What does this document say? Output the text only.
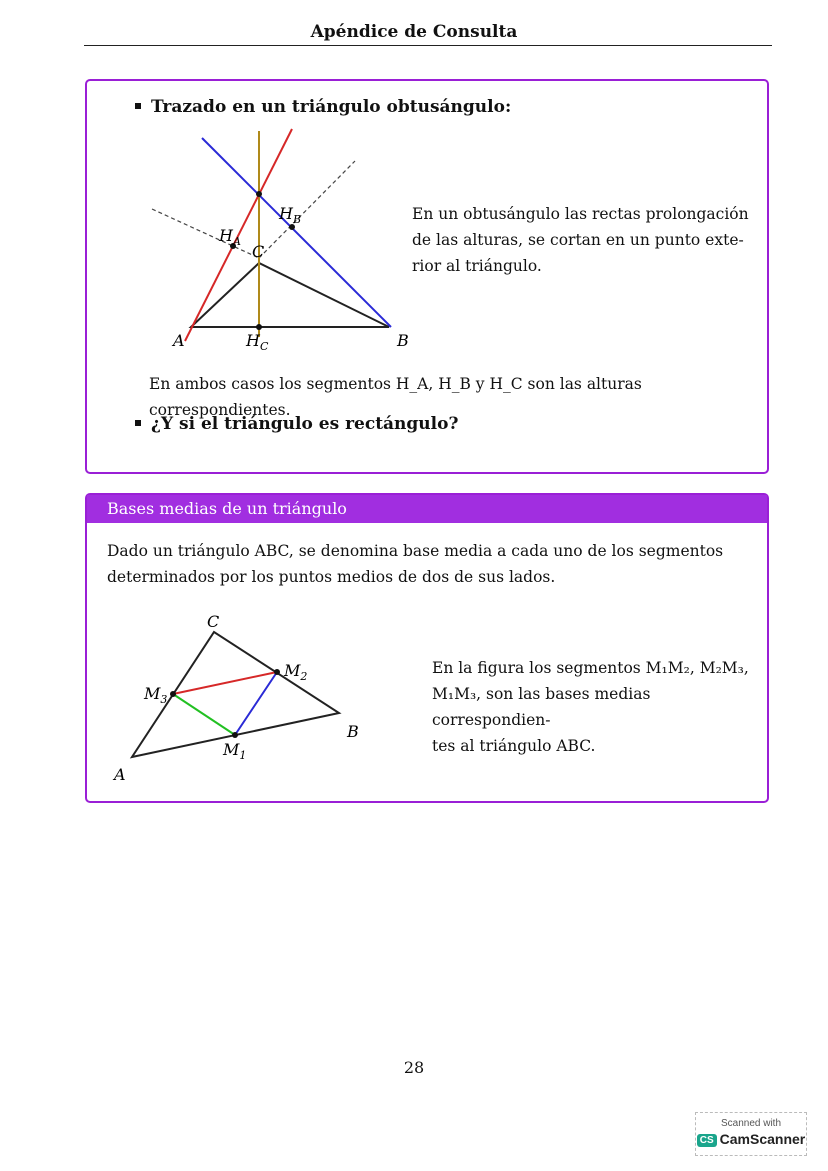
Apéndice de Consulta
Trazado en un triángulo obtusángulo:
A	B
C
$H_A$
$H_B$
$H_C$
En un obtusángulo las rectas prolongación
de las alturas, se cortan en un punto exte-
rior al triángulo.
En ambos casos los segmentos H_A, H_B y H_C son las alturas correspondientes.
¿Y si el triángulo es rectángulo?
Bases medias de un triángulo
Dado un triángulo ABC, se denomina base media a cada uno de los segmentos
determinados por los puntos medios de dos de sus lados.
A
B
C
$M_1$
$M_2$
$M_3$
En la figura los segmentos M₁M₂, M₂M₃,
M₁M₃, son las bases medias correspondien-
tes al triángulo ABC.
28
Scanned with
CS CamScanner
